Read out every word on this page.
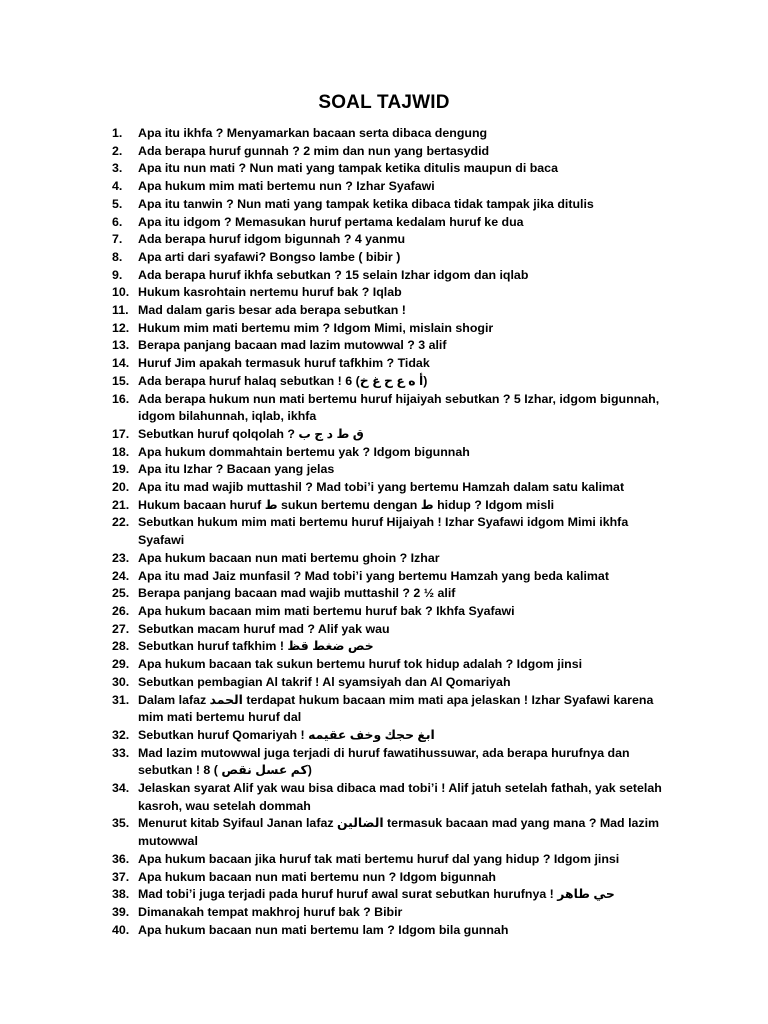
SOAL TAJWID
1.	Apa itu ikhfa ? Menyamarkan bacaan serta dibaca dengung
2.	Ada berapa huruf gunnah ? 2 mim dan nun yang bertasydid
3.	Apa itu nun mati ? Nun mati yang tampak ketika ditulis maupun di baca
4.	Apa hukum mim mati bertemu nun ? Izhar Syafawi
5.	Apa itu tanwin ? Nun mati yang tampak ketika dibaca tidak tampak jika ditulis
6.	Apa itu idgom ? Memasukan huruf pertama kedalam huruf ke dua
7.	Ada berapa huruf idgom bigunnah ? 4 yanmu
8.	Apa arti dari syafawi? Bongso lambe ( bibir )
9.	Ada berapa huruf ikhfa sebutkan ? 15 selain Izhar idgom dan iqlab
10. Hukum kasrohtain nertemu huruf bak ? Iqlab
11. Mad dalam garis besar ada berapa sebutkan !
12. Hukum mim mati bertemu mim ? Idgom Mimi, mislain shogir
13. Berapa panjang bacaan mad lazim mutowwal ? 3 alif
14. Huruf Jim apakah termasuk huruf tafkhim ? Tidak
15. Ada berapa huruf halaq sebutkan ! 6 (أ ه ع ح غ خ)
16. Ada berapa hukum nun mati bertemu huruf hijaiyah sebutkan ? 5 Izhar, idgom bigunnah,
idgom bilahunnah, iqlab, ikhfa
17. Sebutkan huruf qolqolah ? ق ط د ج ب
18. Apa hukum dommahtain bertemu yak ? Idgom bigunnah
19. Apa itu Izhar ? Bacaan yang jelas
20. Apa itu mad wajib muttashil ? Mad tobi’i yang bertemu Hamzah dalam satu kalimat
21. Hukum bacaan huruf ط sukun bertemu dengan ط hidup ? Idgom misli
22. Sebutkan hukum mim mati bertemu huruf Hijaiyah ! Izhar Syafawi idgom Mimi ikhfa
Syafawi
23. Apa hukum bacaan nun mati bertemu ghoin ? Izhar
24. Apa itu mad Jaiz munfasil ? Mad tobi’i yang bertemu Hamzah yang beda kalimat
25. Berapa panjang bacaan mad wajib muttashil ? 2 ½ alif
26. Apa hukum bacaan mim mati bertemu huruf bak ? Ikhfa Syafawi
27. Sebutkan macam huruf mad ? Alif yak wau
28. Sebutkan huruf tafkhim ! خص ضغط قظ
29. Apa hukum bacaan tak sukun bertemu huruf tok hidup adalah ? Idgom jinsi
30. Sebutkan pembagian Al takrif ! Al syamsiyah dan Al Qomariyah
31. Dalam lafaz الحمد terdapat hukum bacaan mim mati apa jelaskan ! Izhar Syafawi karena
mim mati bertemu huruf dal
32. Sebutkan huruf Qomariyah ! ابغ حجك وخف عقيمه
33. Mad lazim mutowwal juga terjadi di huruf fawatihussuwar, ada berapa hurufnya dan
sebutkan ! 8 ( كم عسل نقص)
34. Jelaskan syarat Alif yak wau bisa dibaca mad tobi’i ! Alif jatuh setelah fathah, yak setelah
kasroh, wau setelah dommah
35. Menurut kitab Syifaul Janan lafaz الضالين termasuk bacaan mad yang mana ? Mad lazim
mutowwal
36. Apa hukum bacaan jika huruf tak mati bertemu huruf dal yang hidup ? Idgom jinsi
37. Apa hukum bacaan nun mati bertemu nun ? Idgom bigunnah
38. Mad tobi’i juga terjadi pada huruf huruf awal surat sebutkan hurufnya ! حي طاهر
39. Dimanakah tempat makhroj huruf bak ? Bibir
40. Apa hukum bacaan nun mati bertemu lam ? Idgom bila gunnah
